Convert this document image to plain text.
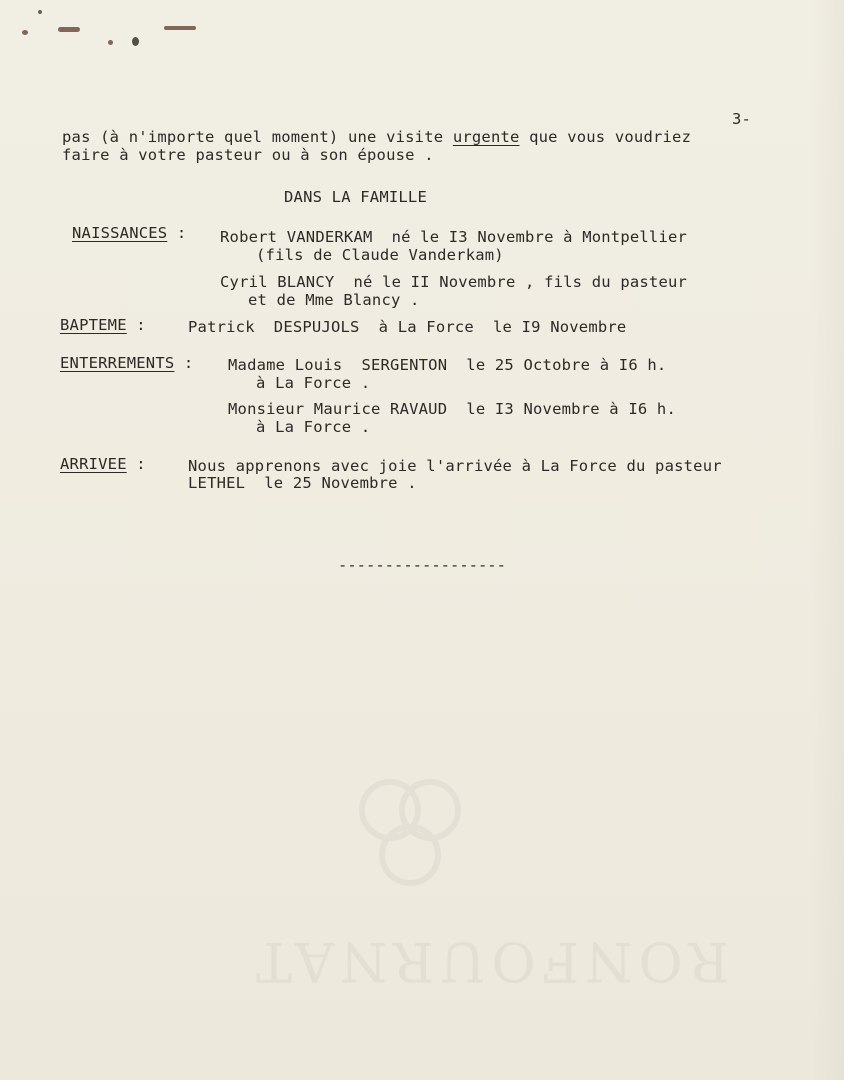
RONFOURNAT
3-
pas (à n'importe quel moment) une visite urgente que vous voudriez
faire à votre pasteur ou à son épouse .
DANS LA FAMILLE
NAISSANCES : Robert VANDERKAM  né le I3 Novembre à Montpellier
(fils de Claude Vanderkam)
Cyril BLANCY  né le II Novembre , fils du pasteur
et de Mme Blancy .
BAPTEME :	Patrick  DESPUJOLS  à La Force  le I9 Novembre
ENTERREMENTS : Madame Louis  SERGENTON  le 25 Octobre à I6 h.
à La Force .
Monsieur Maurice RAVAUD  le I3 Novembre à I6 h.
à La Force .
ARRIVEE :	Nous apprenons avec joie l'arrivée à La Force du pasteur
LETHEL  le 25 Novembre .
------------------
